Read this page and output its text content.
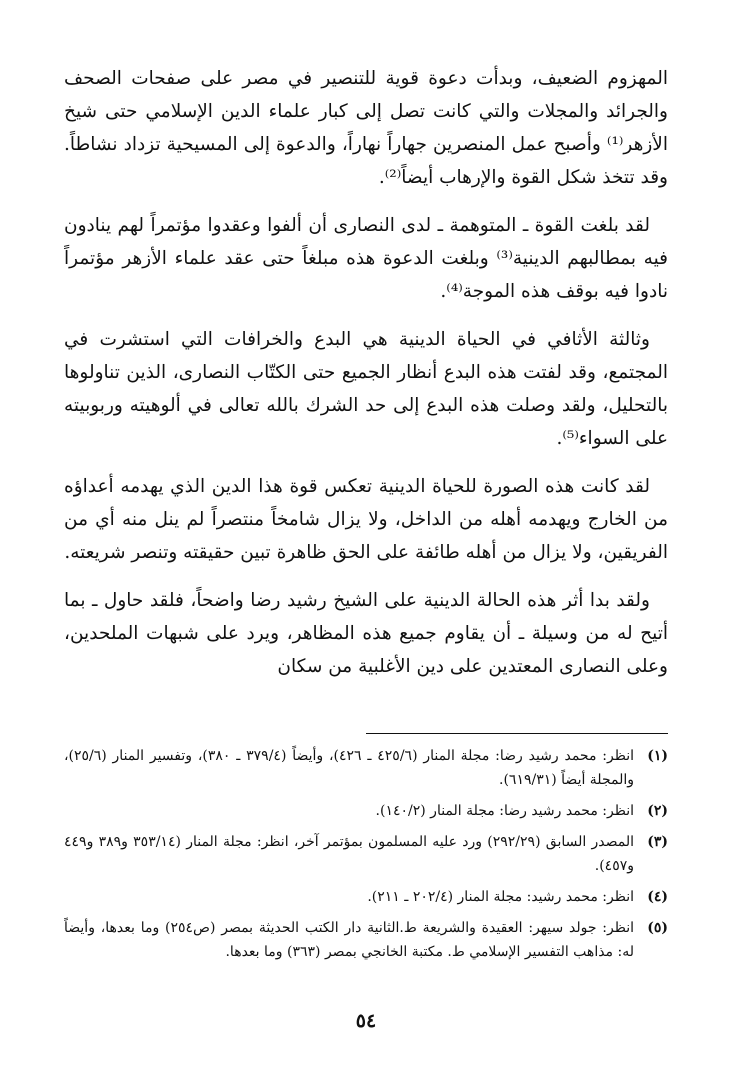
المهزوم الضعيف، وبدأت دعوة قوية للتنصير في مصر على صفحات الصحف والجرائد والمجلات والتي كانت تصل إلى كبار علماء الدين الإسلامي حتى شيخ الأزهر⁽¹⁾ وأصبح عمل المنصرين جهاراً نهاراً، والدعوة إلى المسيحية تزداد نشاطاً. وقد تتخذ شكل القوة والإرهاب أيضاً⁽²⁾.

لقد بلغت القوة ـ المتوهمة ـ لدى النصارى أن ألفوا وعقدوا مؤتمراً لهم ينادون فيه بمطالبهم الدينية⁽³⁾ وبلغت الدعوة هذه مبلغاً حتى عقد علماء الأزهر مؤتمراً نادوا فيه بوقف هذه الموجة⁽⁴⁾.

وثالثة الأثافي في الحياة الدينية هي البدع والخرافات التي استشرت في المجتمع، وقد لفتت هذه البدع أنظار الجميع حتى الكتّاب النصارى، الذين تناولوها بالتحليل، ولقد وصلت هذه البدع إلى حد الشرك بالله تعالى في ألوهيته وربوبيته على السواء⁽⁵⁾.

لقد كانت هذه الصورة للحياة الدينية تعكس قوة هذا الدين الذي يهدمه أعداؤه من الخارج ويهدمه أهله من الداخل، ولا يزال شامخاً منتصراً لم ينل منه أي من الفريقين، ولا يزال من أهله طائفة على الحق ظاهرة تبين حقيقته وتنصر شريعته.

ولقد بدا أثر هذه الحالة الدينية على الشيخ رشيد رضا واضحاً، فلقد حاول ـ بما أتيح له من وسيلة ـ أن يقاوم جميع هذه المظاهر، ويرد على شبهات الملحدين، وعلى النصارى المعتدين على دين الأغلبية من سكان

(١)
انظر: محمد رشيد رضا: مجلة المنار (٤٢٥/٦ ـ ٤٢٦)، وأيضاً (٣٧٩/٤ ـ ٣٨٠)، وتفسير المنار (٢٥/٦)، والمجلة أيضاً (٦١٩/٣١).
(٢)
انظر: محمد رشيد رضا: مجلة المنار (١٤٠/٢).
(٣)
المصدر السابق (٢٩٢/٢٩) ورد عليه المسلمون بمؤتمر آخر، انظر: مجلة المنار (٣٥٣/١٤ و٣٨٩ و٤٤٩ و٤٥٧).
(٤)
انظر: محمد رشيد: مجلة المنار (٢٠٢/٤ ـ ٢١١).
(٥)
انظر: جولد سيهر: العقيدة والشريعة ط.الثانية دار الكتب الحديثة بمصر (ص٢٥٤) وما بعدها، وأيضاً له: مذاهب التفسير الإسلامي ط. مكتبة الخانجي بمصر (٣٦٣) وما بعدها.
٥٤
